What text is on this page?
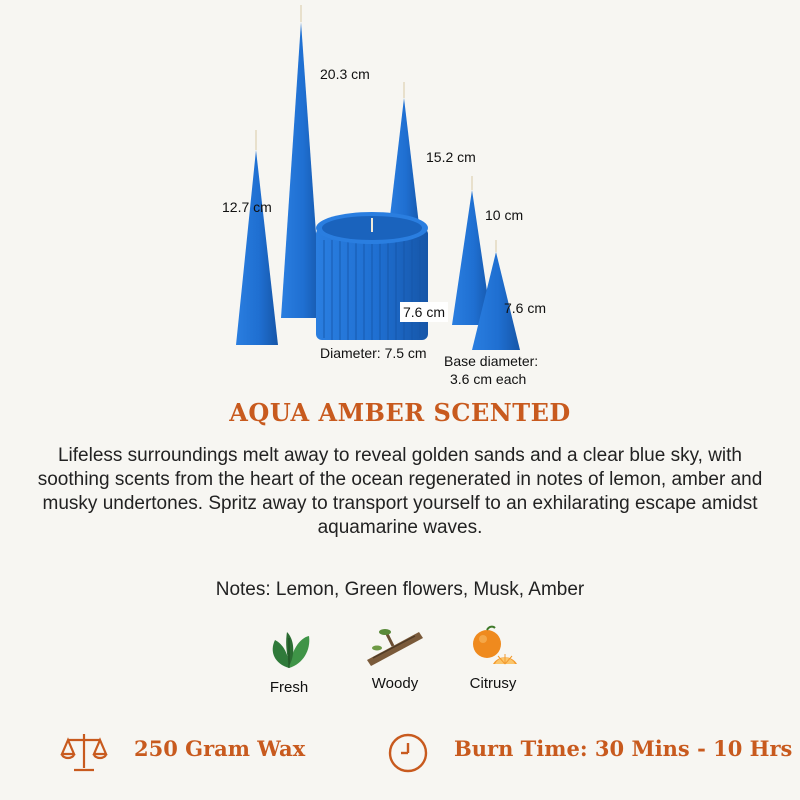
20.3 cm
15.2 cm
12.7 cm	10 cm
7.6 cm	7.6 cm
Diameter: 7.5 cm Base diameter:
3.6 cm each
AQUA AMBER SCENTED
Lifeless surroundings melt away to reveal golden sands and a clear blue sky, with soothing scents from the heart of the ocean regenerated in notes of lemon, amber and musky undertones. Spritz away to transport yourself to an exhilarating escape amidst aquamarine waves.
Notes: Lemon, Green flowers, Musk, Amber
Fresh	Woody	Citrusy
250 Gram Wax	Burn Time: 30 Mins - 10 Hrs
